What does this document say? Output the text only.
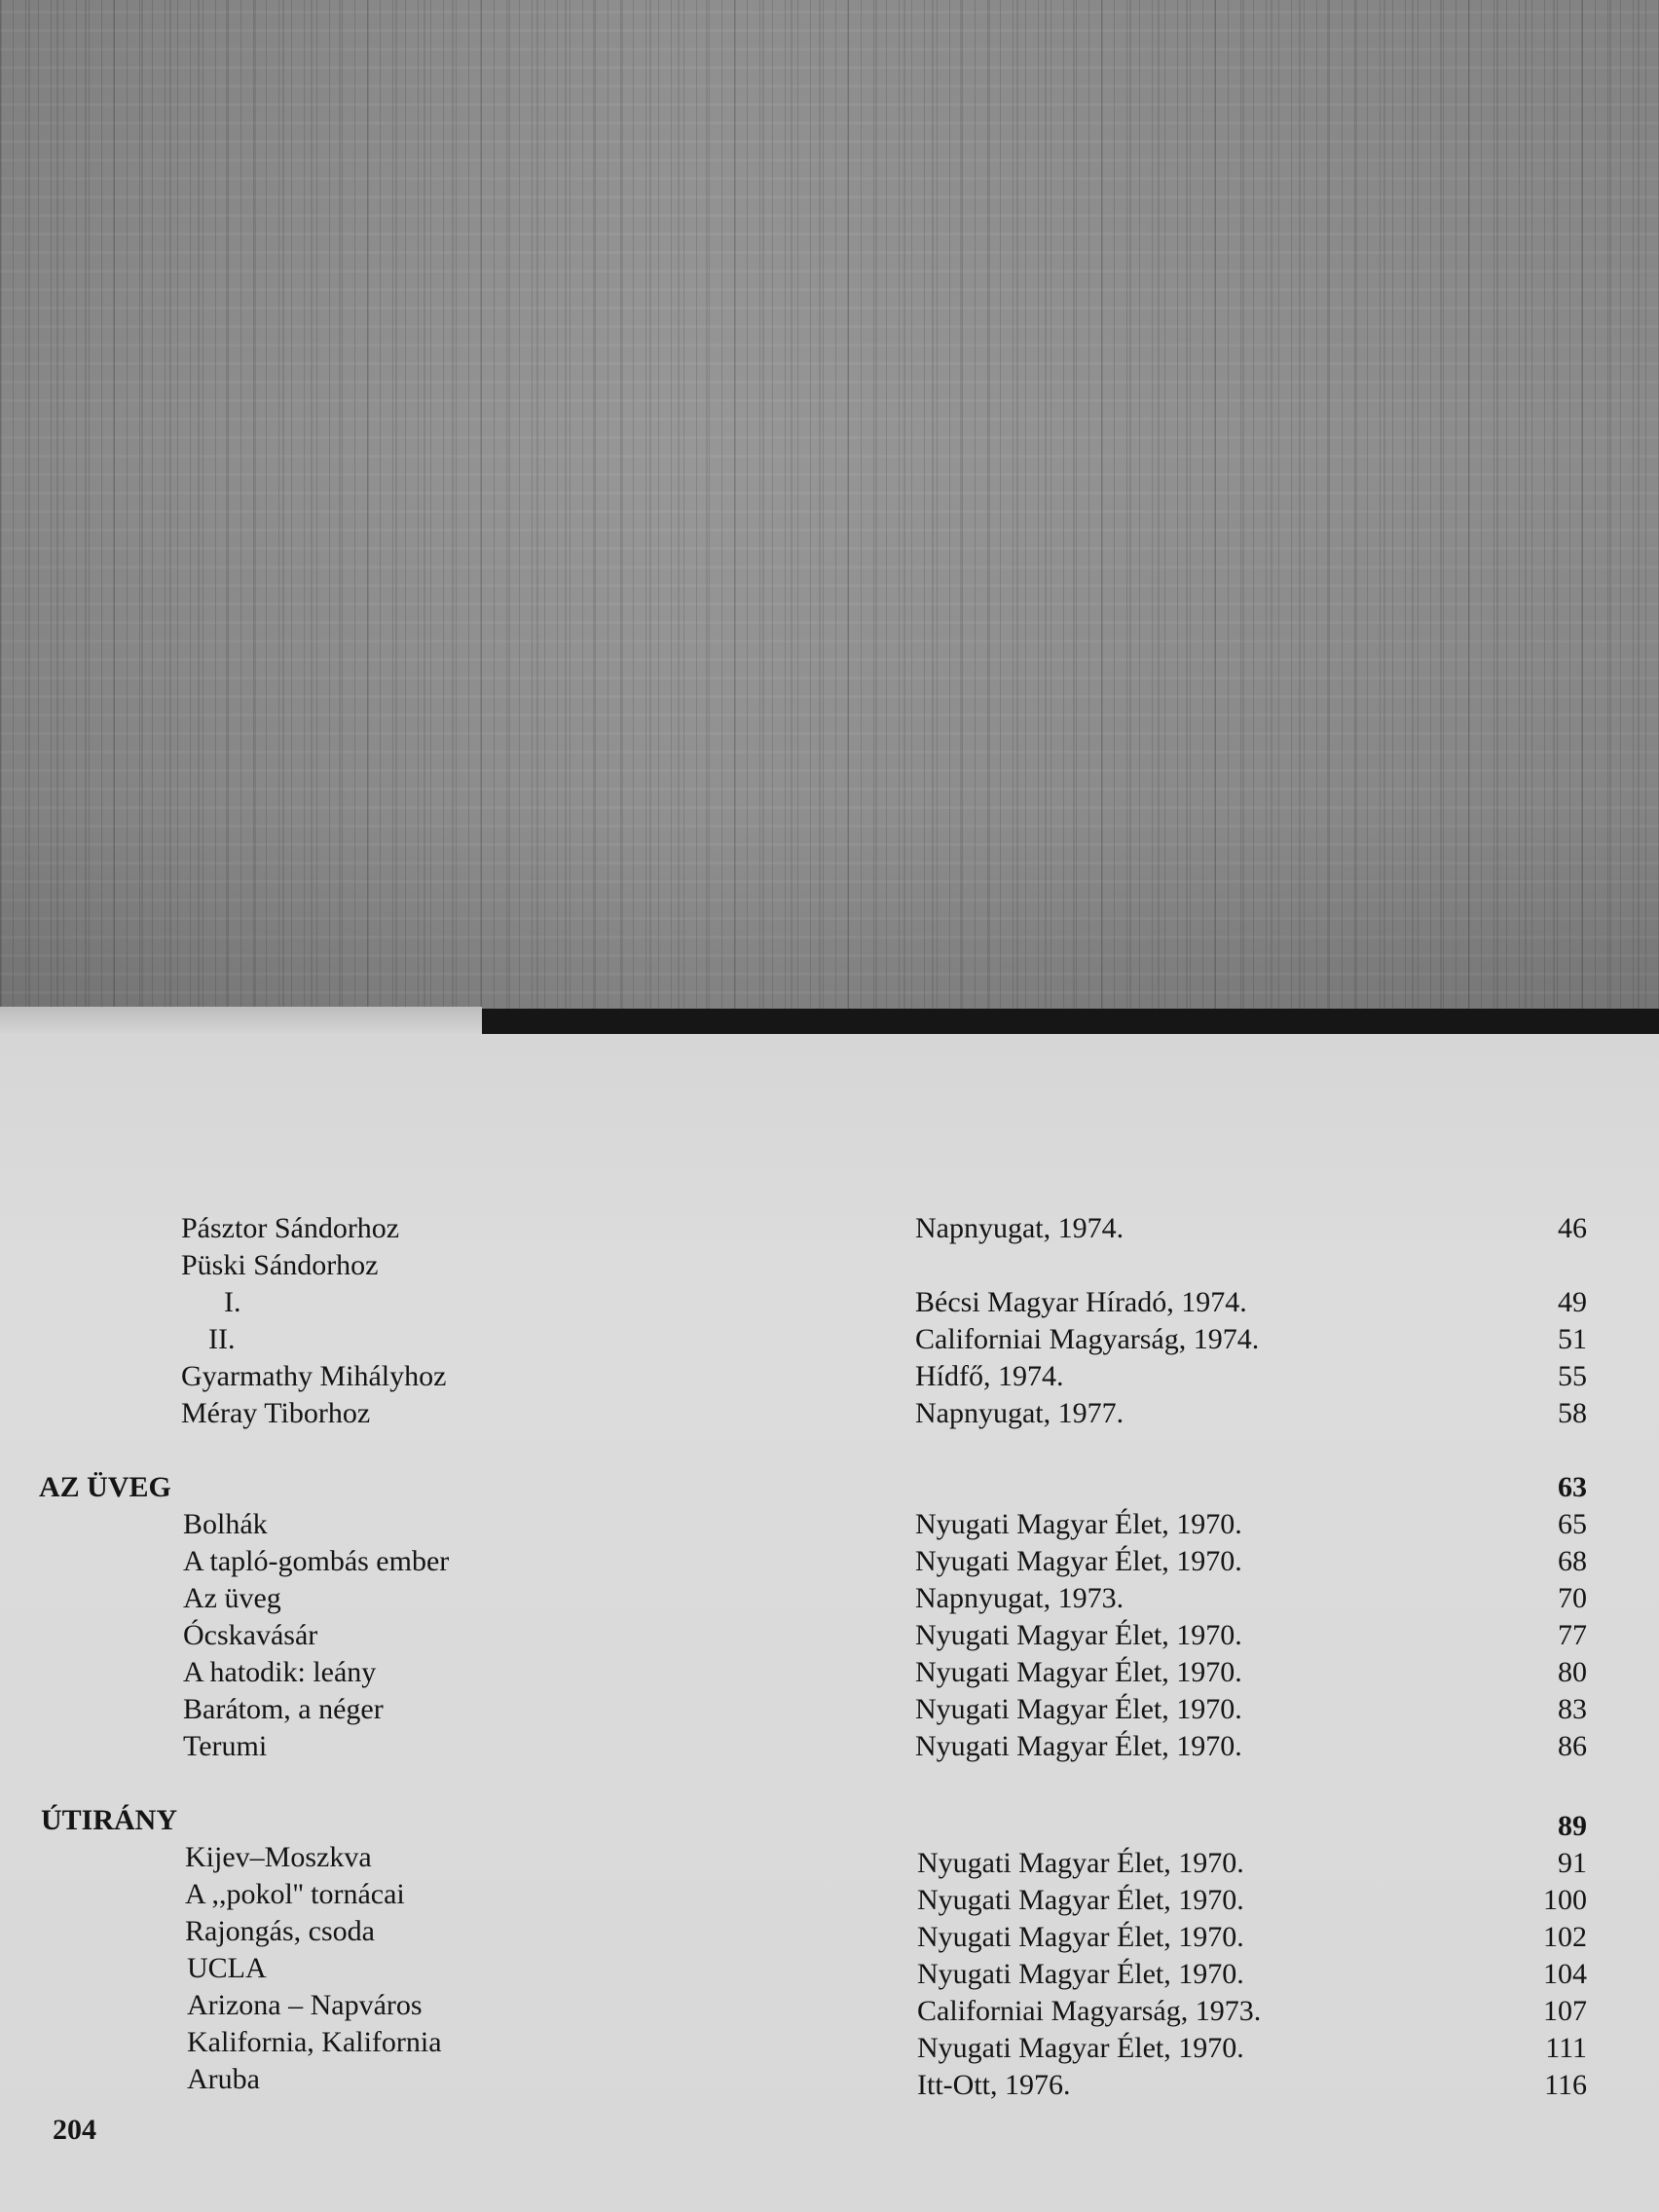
Pásztor Sándorhoz	Napnyugat, 1974.	46
Püski Sándorhoz
I.	Bécsi Magyar Híradó, 1974.	49
II.	Californiai Magyarság, 1974.	51
Gyarmathy Mihályhoz	Hídfő, 1974.	55
Méray Tiborhoz	Napnyugat, 1977.	58
AZ ÜVEG	63
Bolhák	Nyugati Magyar Élet, 1970.	65
A tapló-gombás ember	Nyugati Magyar Élet, 1970.	68
Az üveg	Napnyugat, 1973.	70
Ócskavásár	Nyugati Magyar Élet, 1970.	77
A hatodik: leány	Nyugati Magyar Élet, 1970.	80
Barátom, a néger	Nyugati Magyar Élet, 1970.	83
Terumi	Nyugati Magyar Élet, 1970.	86
ÚTIRÁNY	89
Kijev–Moszkva	Nyugati Magyar Élet, 1970.	91
A ,,pokol'' tornácai	Nyugati Magyar Élet, 1970.	100
Rajongás, csoda	Nyugati Magyar Élet, 1970.	102
UCLA	Nyugati Magyar Élet, 1970.	104
Arizona – Napváros	Californiai Magyarság, 1973.	107
Kalifornia, Kalifornia	Nyugati Magyar Élet, 1970.	111
Aruba	Itt-Ott, 1976.	116
204
